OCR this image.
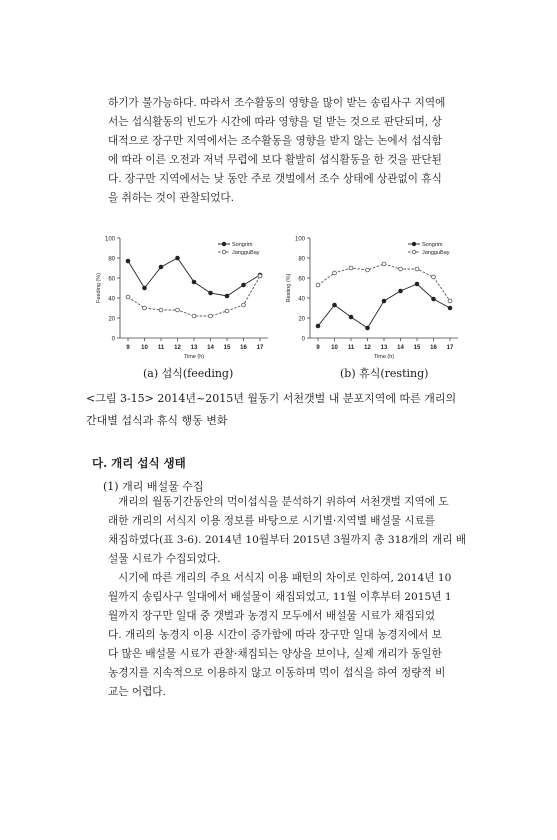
하기가 불가능하다. 따라서 조수활동의 영향을 많이 받는 송림사구 지역에
서는 섭식활동의 빈도가 시간에 따라 영향을 덜 받는 것으로 판단되며, 상
대적으로 장구만 지역에서는 조수활동을 영향을 받지 않는 논에서 섭식함
에 따라 이른 오전과 저녁 무렵에 보다 활발히 섭식활동을 한 것을 판단된
다. 장구만 지역에서는 낮 동안 주로 갯벌에서 조수 상태에 상관없이 휴식
을 취하는 것이 관찰되었다.
0
20
40
60
80
100
9 10 11 12 13 14 15 16 17
Time (h)
Feeding (%)
Songrim
JangguBay
0
20
40
60
80
100
9 10 11 12 13 14 15 16 17
Time (h)
Resting (%)
Songrim
JangguBay
(a) 섭식(feeding)	(b) 휴식(resting)
<그림 3-15> 2014년~2015년 월동기 서천갯벌 내 분포지역에 따른 개리의
간대별 섭식과 휴식 행동 변화
다. 개리 섭식 생태
(1) 개리 배설물 수집
개리의 월동기간동안의 먹이섭식을 분석하기 위하여 서천갯벌 지역에 도
래한 개리의 서식지 이용 정보를 바탕으로 시기별·지역별 배설물 시료를
채집하였다(표 3-6). 2014년 10월부터 2015년 3월까지 총 318개의 개리 배
설물 시료가 수집되었다.
시기에 따른 개리의 주요 서식지 이용 패턴의 차이로 인하여, 2014년 10
월까지 송림사구 일대에서 배설물이 채집되었고, 11월 이후부터 2015년 1
월까지 장구만 일대 중 갯벌과 농경지 모두에서 배설물 시료가 채집되었
다. 개리의 농경지 이용 시간이 증가함에 따라 장구만 일대 농경지에서 보
다 많은 배설물 시료가 관찰·채집되는 양상을 보이나, 실제 개리가 동일한
농경지를 지속적으로 이용하지 않고 이동하며 먹이 섭식을 하여 정량적 비
교는 어렵다.
